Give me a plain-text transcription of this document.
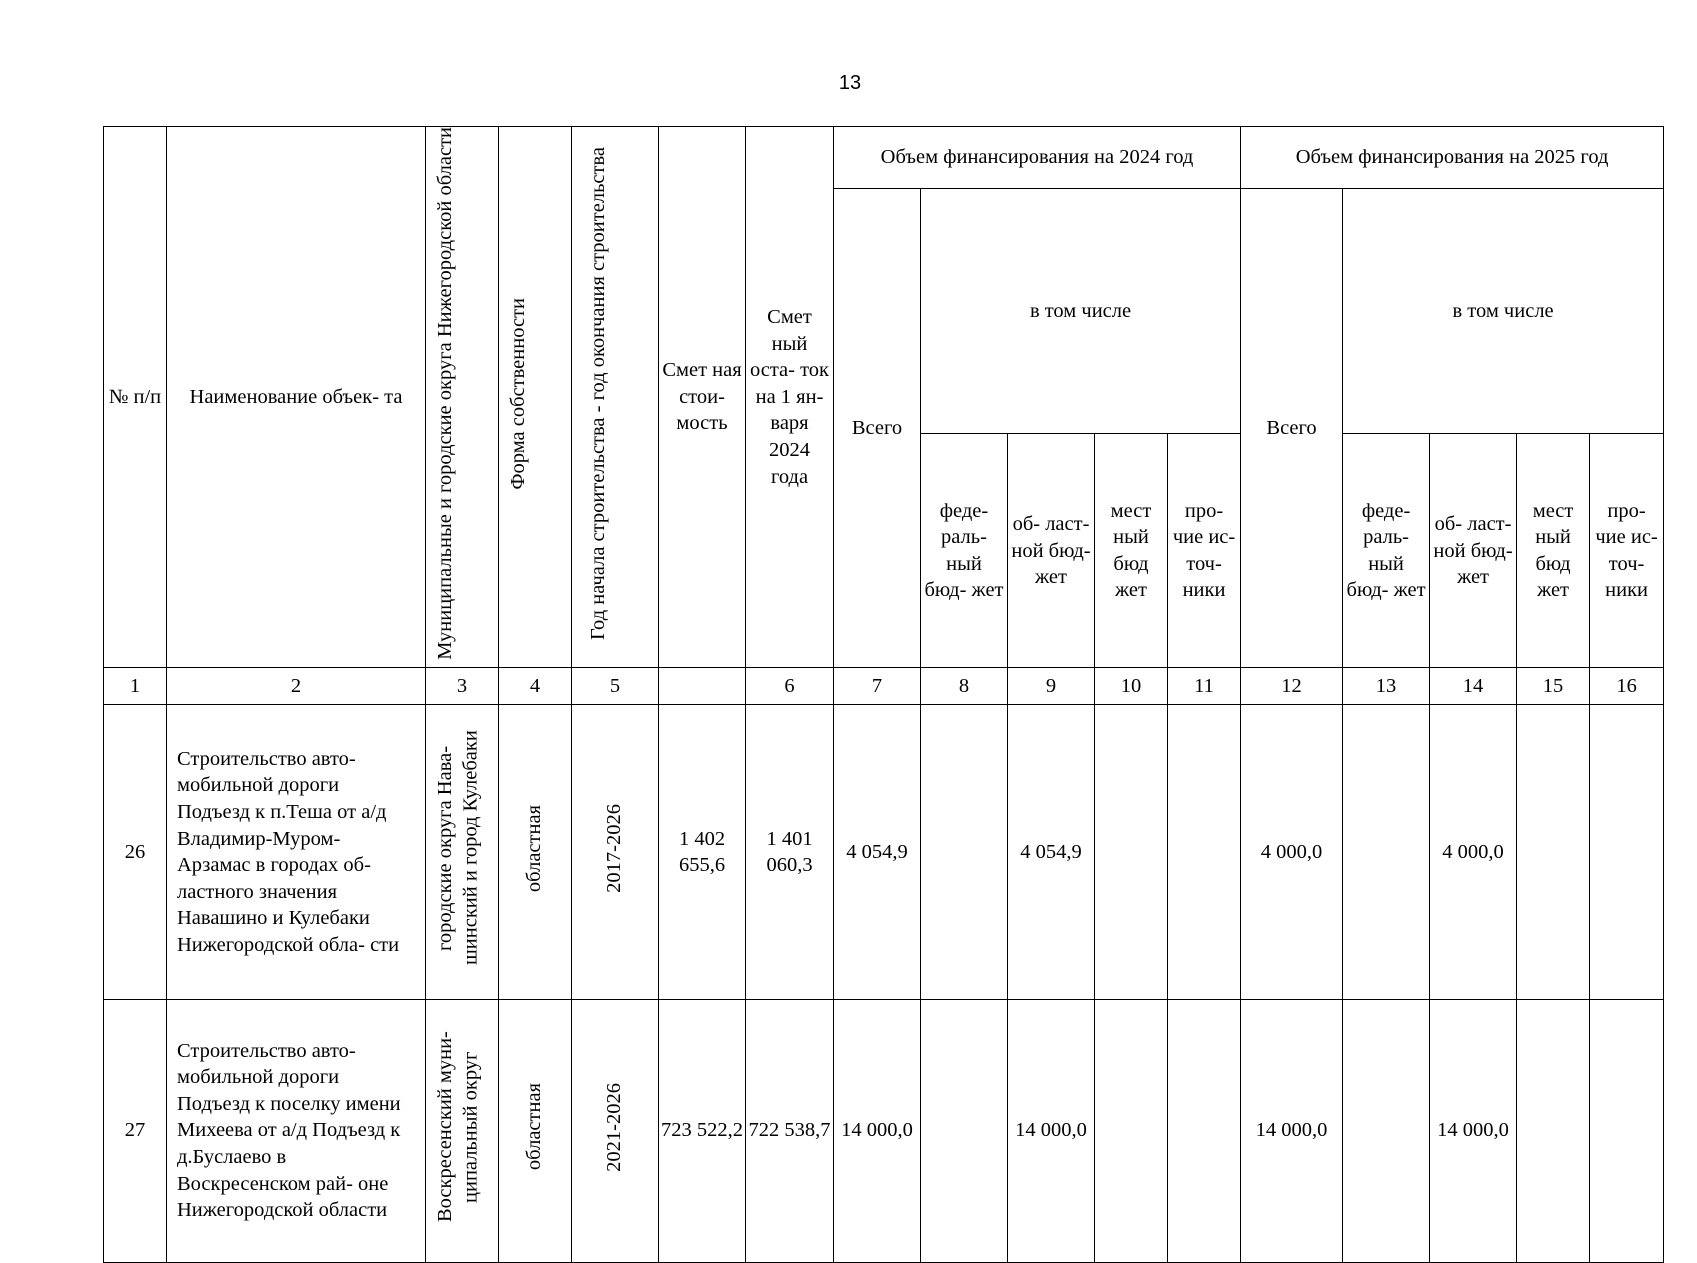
13
№ п/п	Наименование объек- та	Муниципальные и городские округа Нижегородской области	Форма собственности	Год начала строительства - год окончания строительства	Смет ная стои- мость	Смет ный оста- ток на 1 ян- варя 2024 года	Объем финансирования на 2024 год					Объем финансирования на 2025 год				
							Всего	в том числе				Всего	в том числе			
								феде- раль- ный бюд- жет	об- ласт- ной бюд- жет	мест ный бюд жет	про- чие ис- точ- ники		феде- раль- ный бюд- жет	об- ласт- ной бюд- жет	мест ный бюд жет	про- чие ис- точ- ники
1	2	3	4	5		6	7	8	9	10	11	12	13	14	15	16
26	Строительство авто- мобильной дороги Подъезд к п.Теша от а/д Владимир-Муром- Арзамас в городах об- ластного значения Навашино и Кулебаки Нижегородской обла- сти	городские округа Нава- шинский и город Кулебаки	областная	2017-2026	1 402 655,6	1 401 060,3	4 054,9		4 054,9			4 000,0		4 000,0		
27	Строительство авто- мобильной дороги Подъезд к поселку имени Михеева от а/д Подъезд к д.Буслаево в Воскресенском рай- оне Нижегородской области	Воскресенский муни- ципальный округ	областная	2021-2026	723 522,2	722 538,7	14 000,0		14 000,0			14 000,0		14 000,0		
